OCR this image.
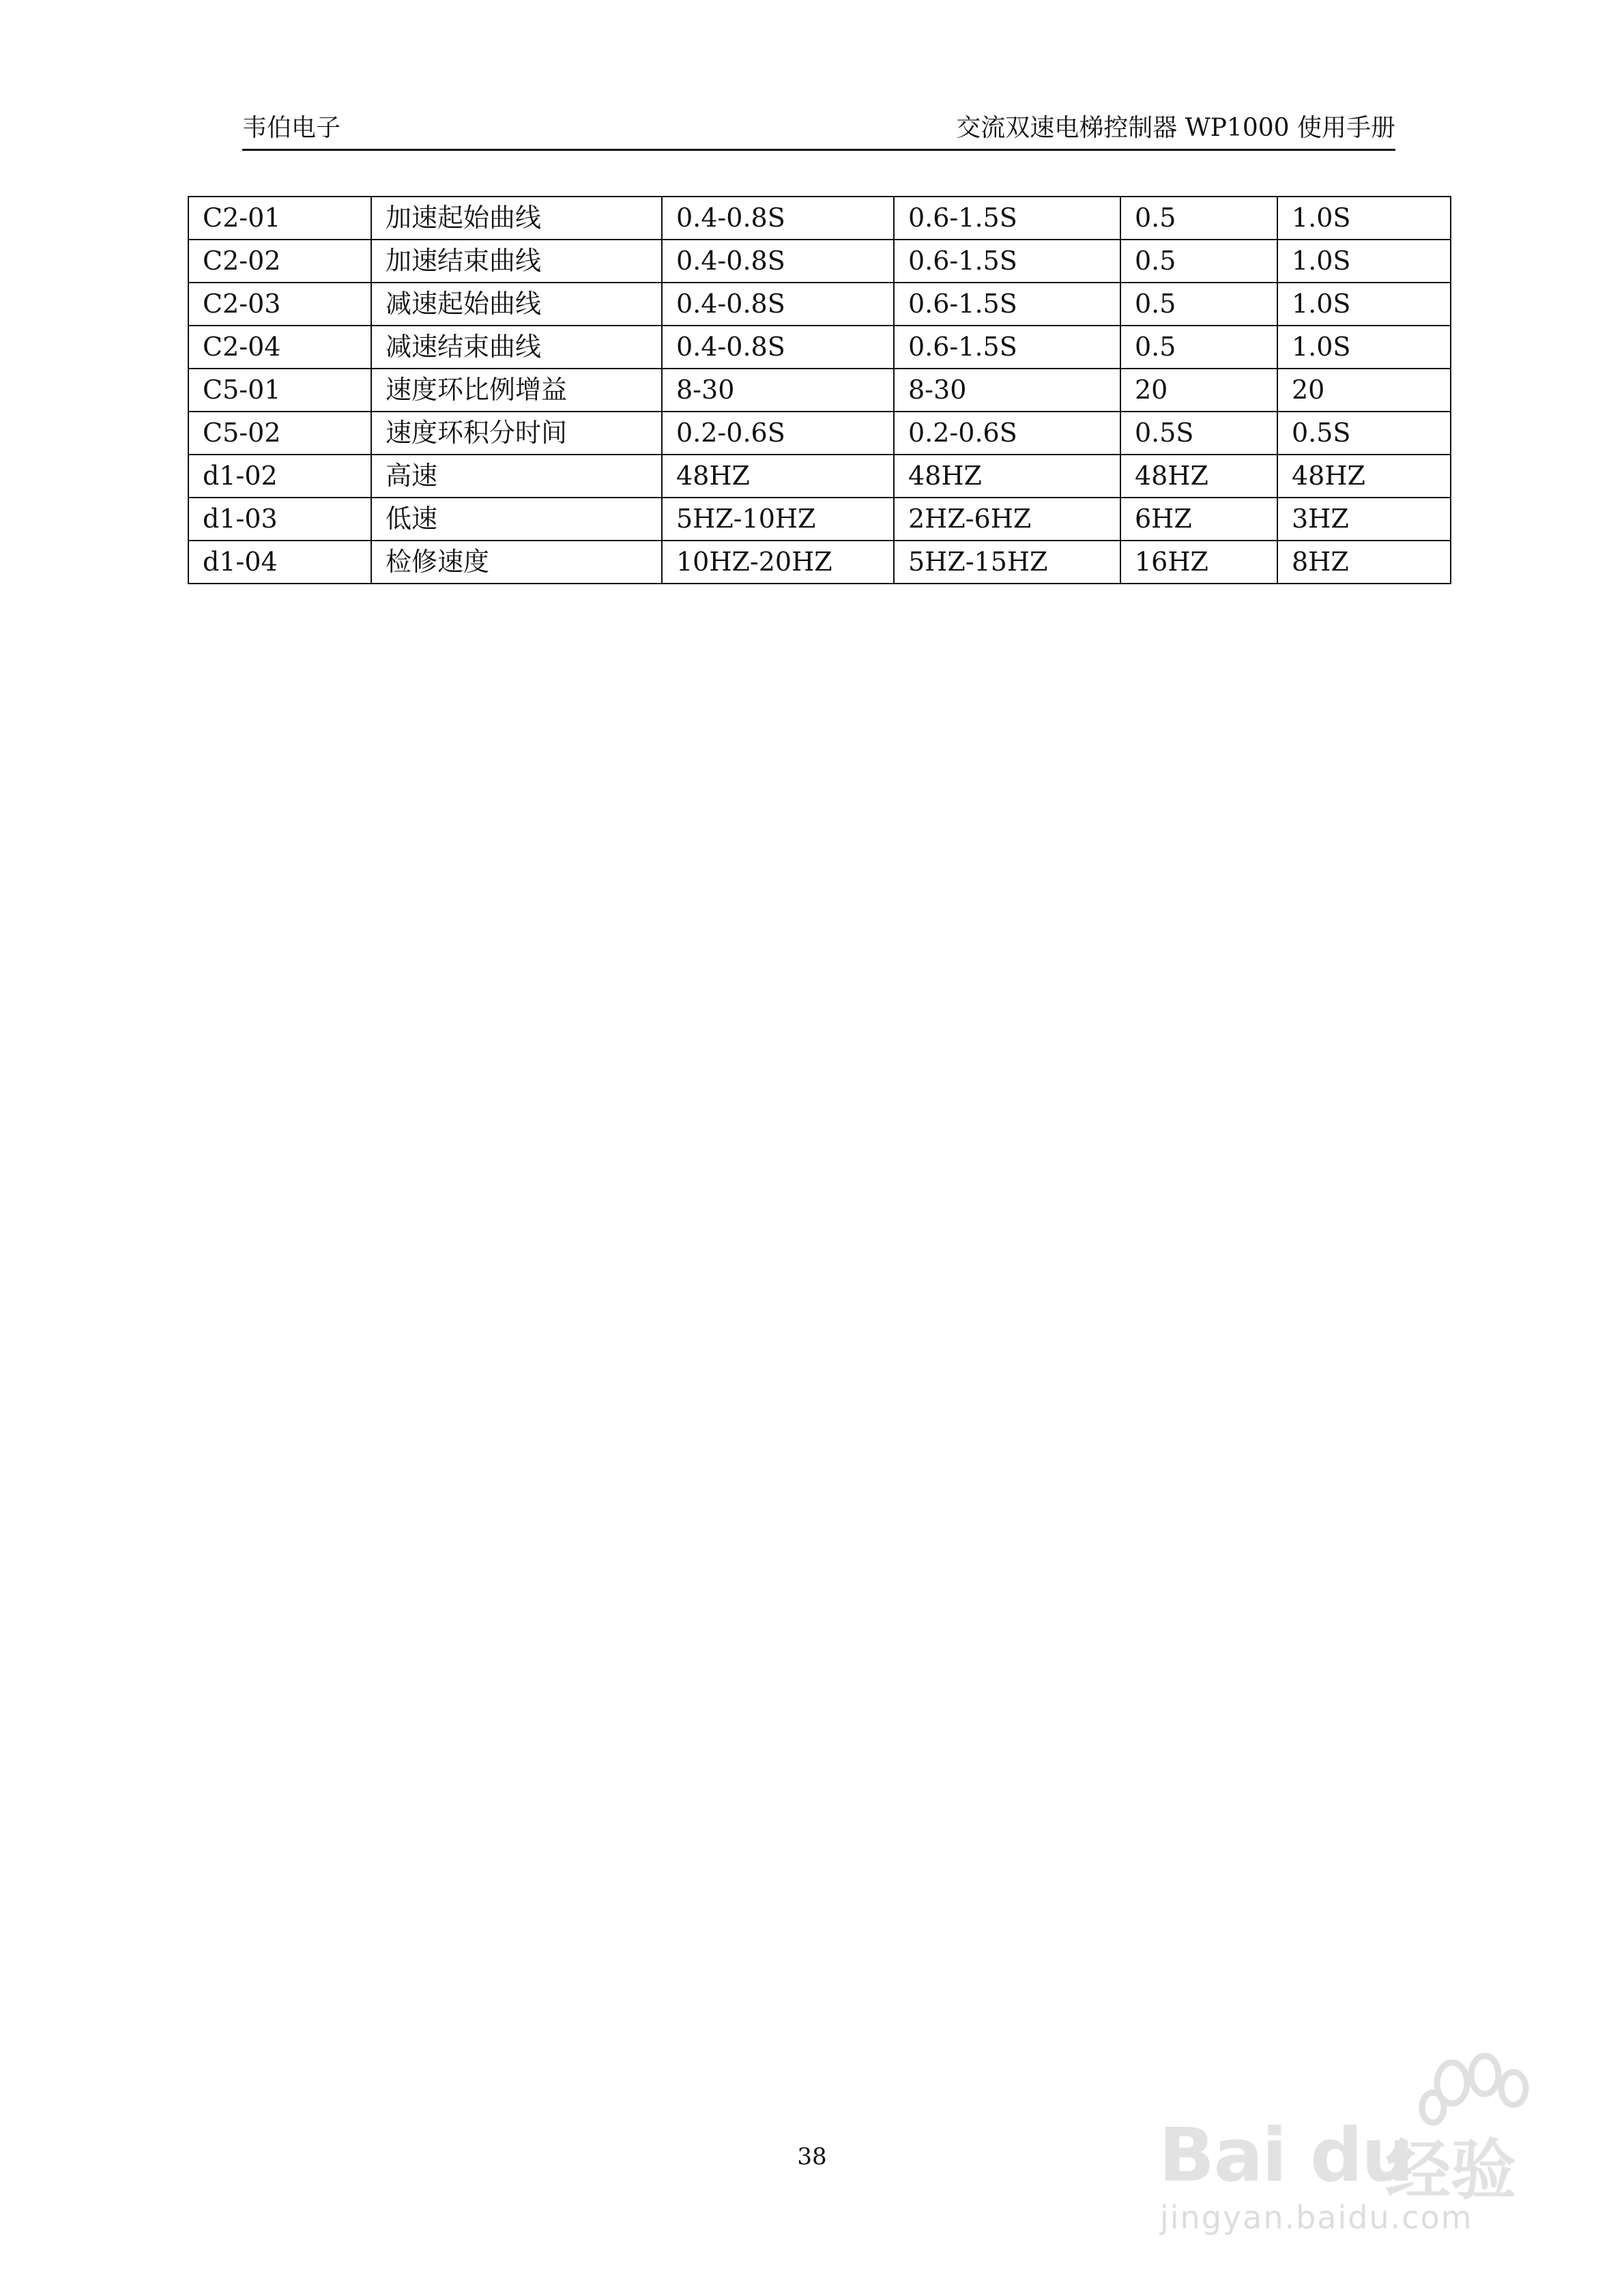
韦伯电子	交流双速电梯控制器 WP1000 使用手册
C2-01	加速起始曲线	0.4-0.8S	0.6-1.5S	0.5	1.0S
C2-02	加速结束曲线	0.4-0.8S	0.6-1.5S	0.5	1.0S
C2-03	减速起始曲线	0.4-0.8S	0.6-1.5S	0.5	1.0S
C2-04	减速结束曲线	0.4-0.8S	0.6-1.5S	0.5	1.0S
C5-01	速度环比例增益	8-30	8-30	20	20
C5-02	速度环积分时间	0.2-0.6S	0.2-0.6S	0.5S	0.5S
d1-02	高速	48HZ	48HZ	48HZ	48HZ
d1-03	低速	5HZ-10HZ	2HZ-6HZ	6HZ	3HZ
d1-04	检修速度	10HZ-20HZ	5HZ-15HZ	16HZ	8HZ
38	Bai du
经验
jingyan.baidu.com
